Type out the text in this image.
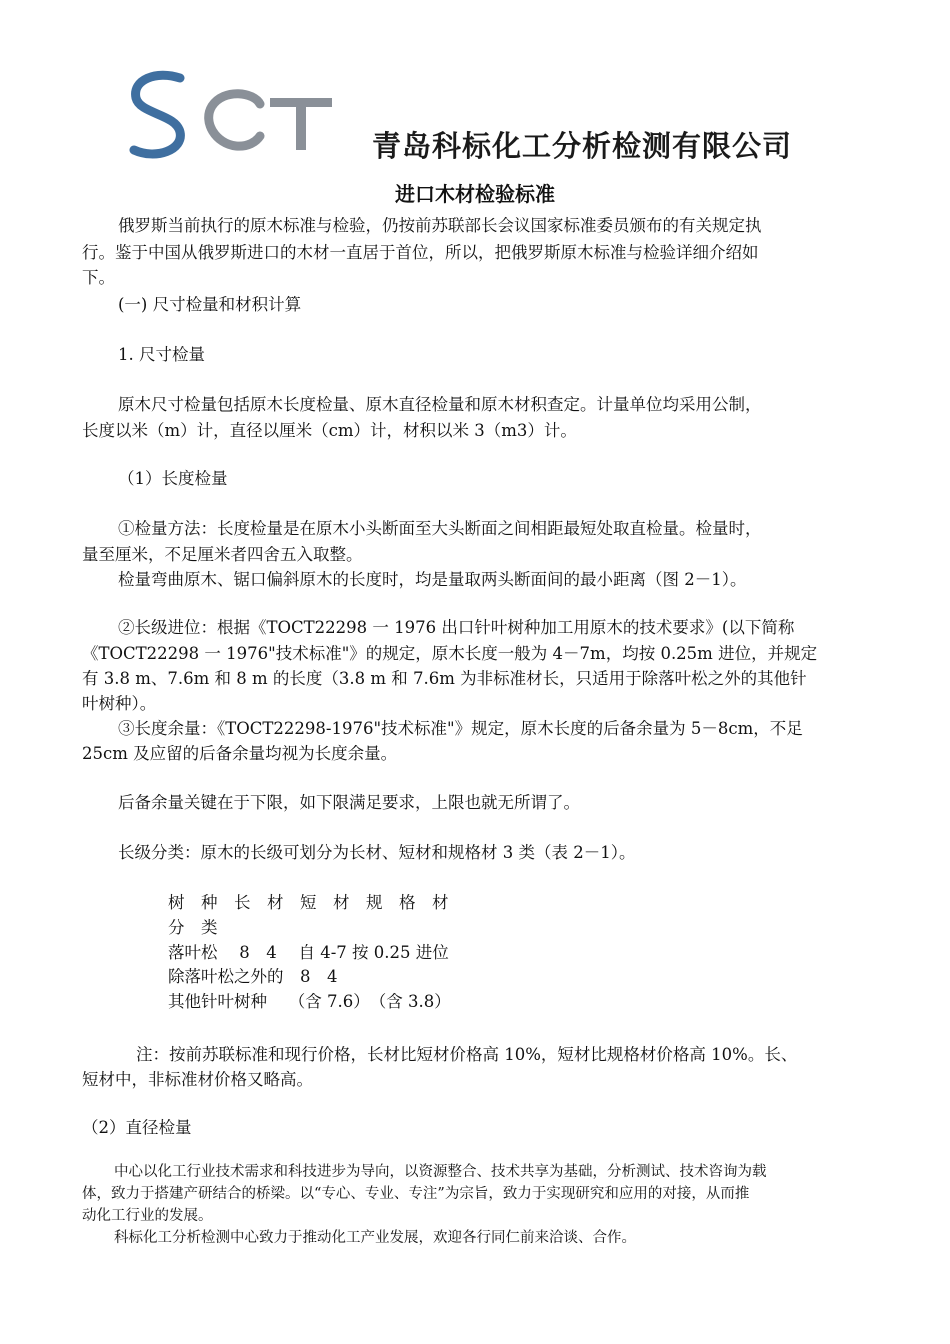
青岛科标化工分析检测有限公司
进口木材检验标准
俄罗斯当前执行的原木标准与检验，仍按前苏联部长会议国家标准委员颁布的有关规定执
行。鉴于中国从俄罗斯进口的木材一直居于首位，所以，把俄罗斯原木标准与检验详细介绍如
下。
(一) 尺寸检量和材积计算
1. 尺寸检量
原木尺寸检量包括原木长度检量、原木直径检量和原木材积查定。计量单位均采用公制，
长度以米（m）计，直径以厘米（cm）计，材积以米 3（m3）计。
（1）长度检量
①检量方法：长度检量是在原木小头断面至大头断面之间相距最短处取直检量。检量时，
量至厘米，不足厘米者四舍五入取整。
检量弯曲原木、锯口偏斜原木的长度时，均是量取两头断面间的最小距离（图 2－1）。
②长级进位：根据《TOCT22298 一 1976 出口针叶树种加工用原木的技术要求》(以下简称
《TOCT22298 一 1976"技术标准"》的规定，原木长度一般为 4－7m，均按 0.25m 进位，并规定
有 3.8 m、7.6m 和 8 m 的长度（3.8 m 和 7.6m 为非标准材长，只适用于除落叶松之外的其他针
叶树种）。
③长度余量：《TOCT22298-1976"技术标准"》规定，原木长度的后备余量为 5－8cm，不足
25cm 及应留的后备余量均视为长度余量。
后备余量关键在于下限，如下限满足要求，上限也就无所谓了。
长级分类：原木的长级可划分为长材、短材和规格材 3 类（表 2－1）。
树　种　长　材　短　材　规　格　材
分　类
落叶松　 8　4　 自 4-7 按 0.25 进位
除落叶松之外的　8　4
其他针叶树种　 （含 7.6）　（含 3.8）
注：按前苏联标准和现行价格，长材比短材价格高 10%，短材比规格材价格高 10%。长、
短材中，非标准材价格又略高。
（2）直径检量
中心以化工行业技术需求和科技进步为导向，以资源整合、技术共享为基础，分析测试、技术咨询为载
体，致力于搭建产研结合的桥梁。以“专心、专业、专注”为宗旨，致力于实现研究和应用的对接，从而推
动化工行业的发展。
科标化工分析检测中心致力于推动化工产业发展，欢迎各行同仁前来洽谈、合作。
